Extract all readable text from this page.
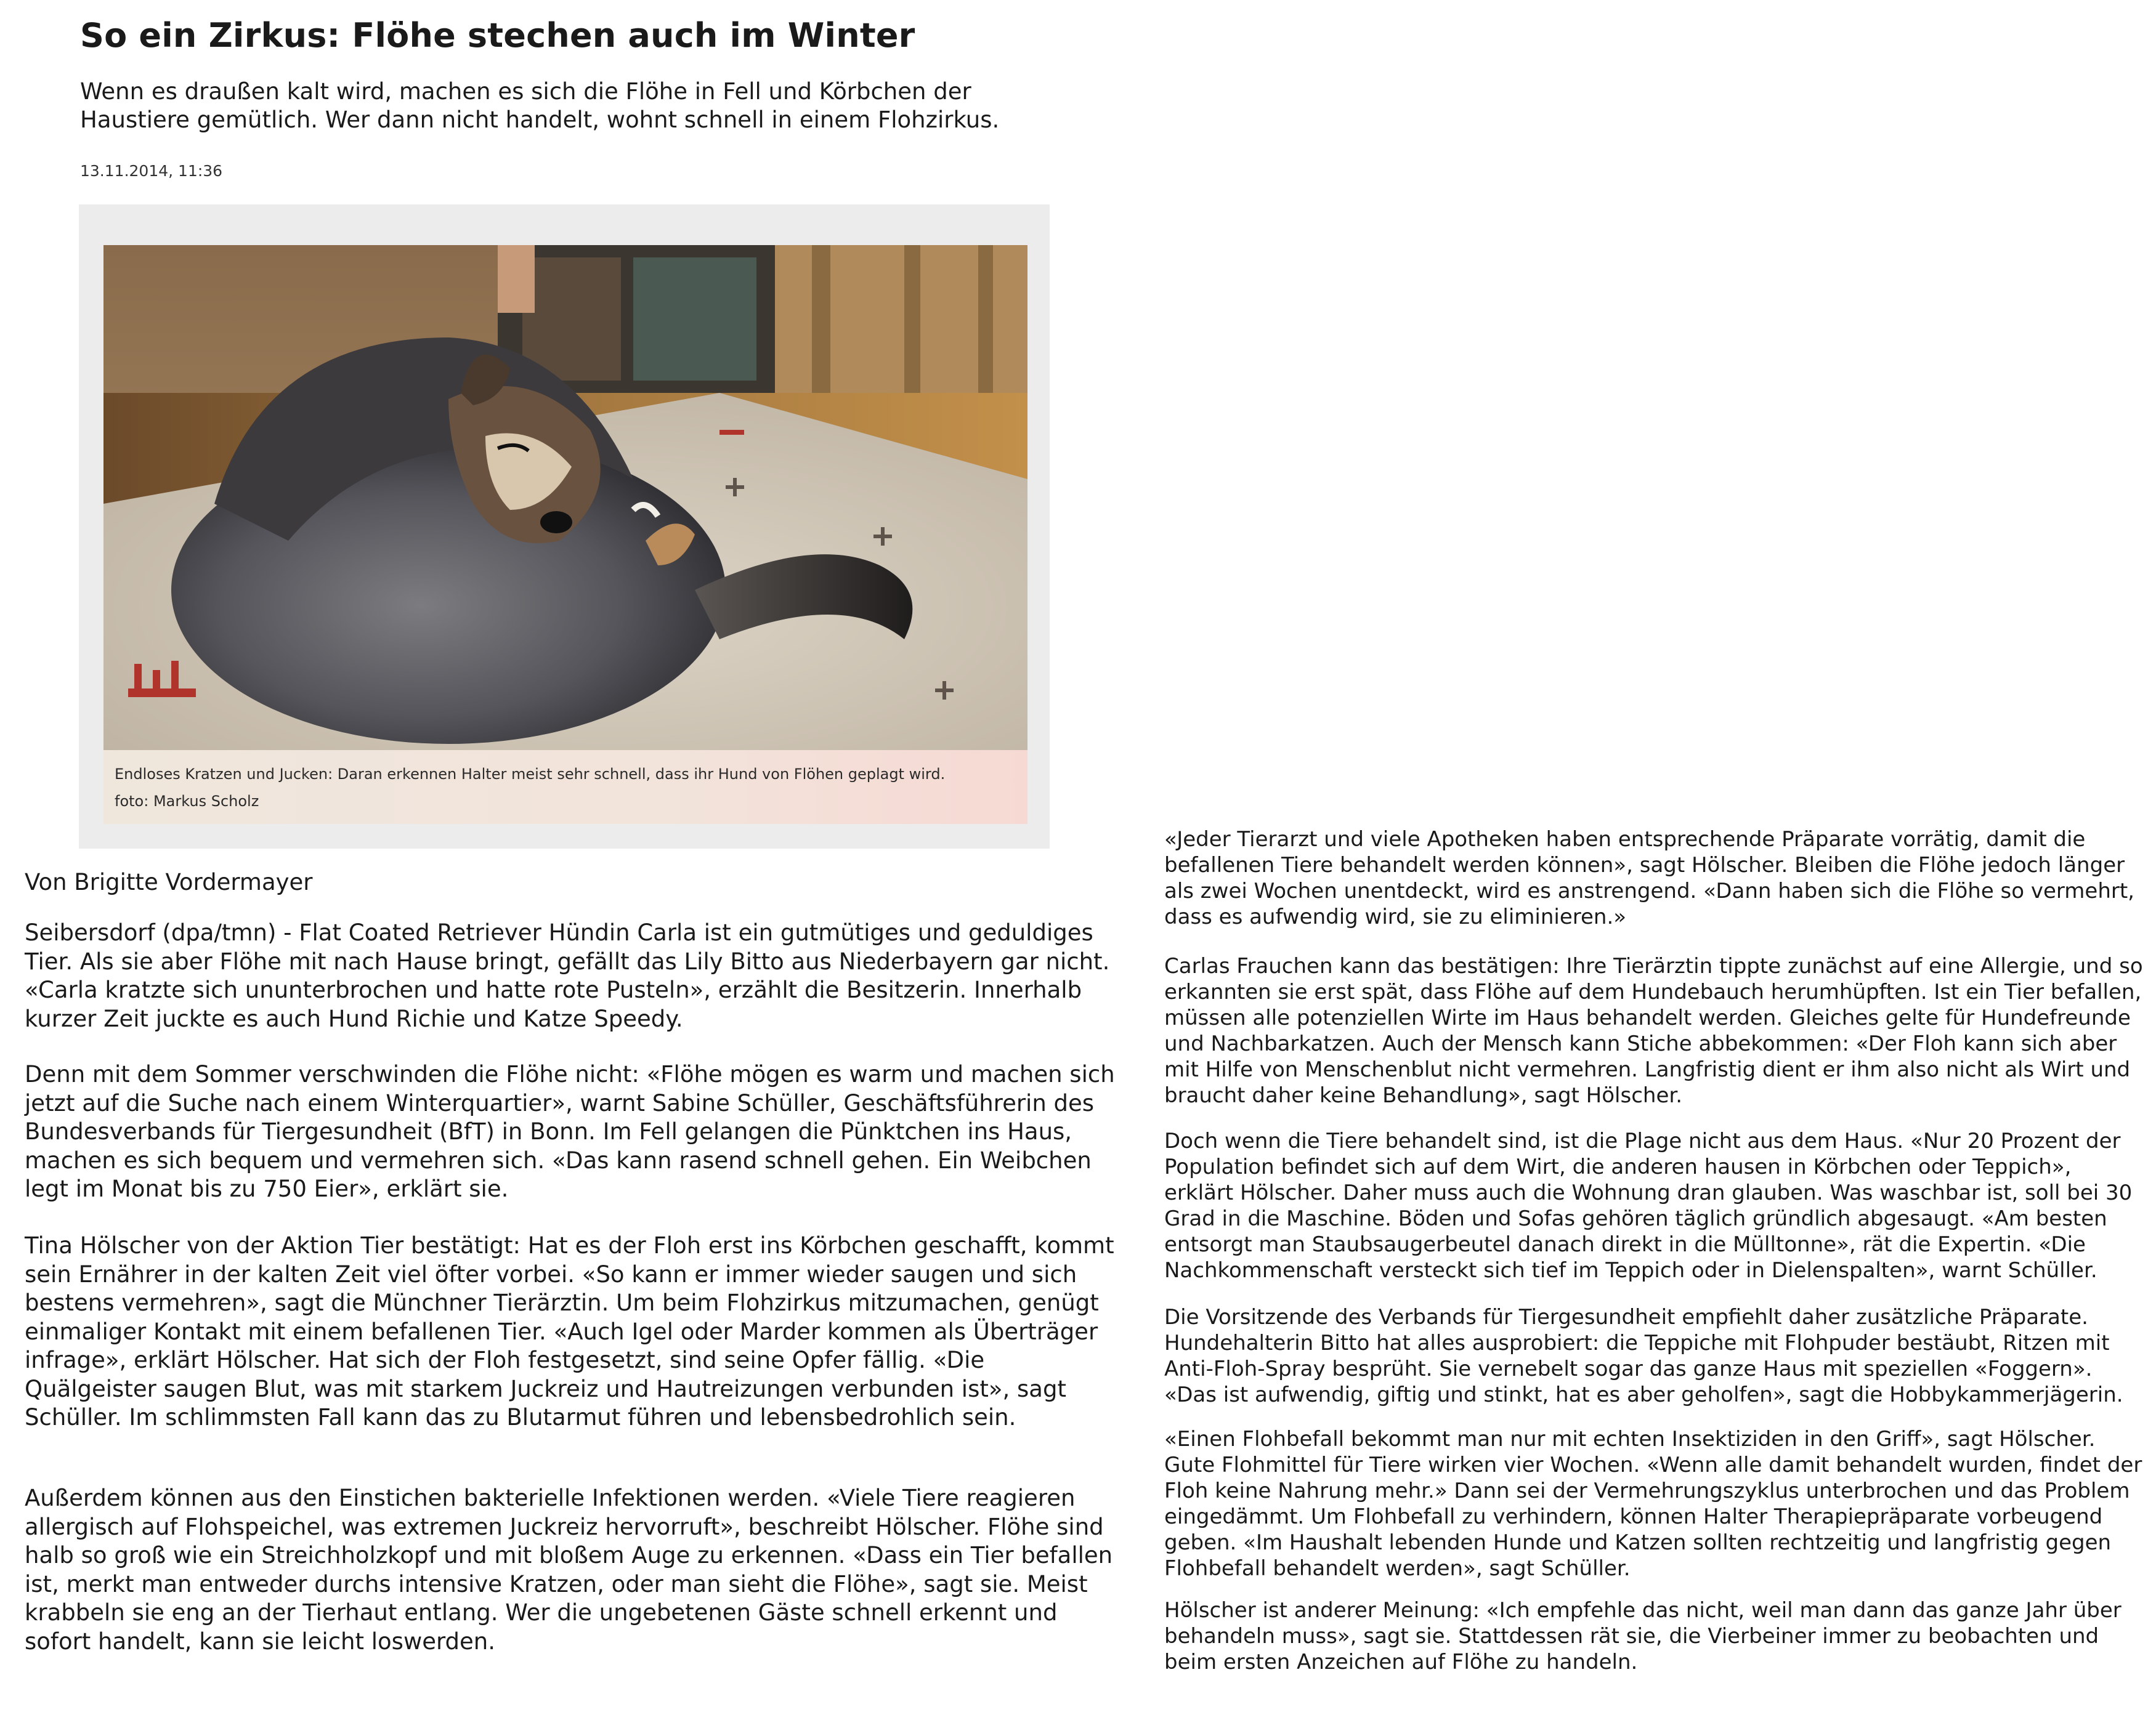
So ein Zirkus: Flöhe stechen auch im Winter

Wenn es draußen kalt wird, machen es sich die Flöhe in Fell und Körbchen der Haustiere gemütlich. Wer dann nicht handelt, wohnt schnell in einem Flohzirkus.

13.11.2014, 11:36

Endloses Kratzen und Jucken: Daran erkennen Halter meist sehr schnell, dass ihr Hund von Flöhen geplagt wird.

foto: Markus Scholz

Von Brigitte Vordermayer

Seibersdorf (dpa/tmn) - Flat Coated Retriever Hündin Carla ist ein gutmütiges und geduldiges Tier. Als sie aber Flöhe mit nach Hause bringt, gefällt das Lily Bitto aus Niederbayern gar nicht. «Carla kratzte sich ununterbrochen und hatte rote Pusteln», erzählt die Besitzerin. Innerhalb kurzer Zeit juckte es auch Hund Richie und Katze Speedy.

Denn mit dem Sommer verschwinden die Flöhe nicht: «Flöhe mögen es warm und machen sich jetzt auf die Suche nach einem Winterquartier», warnt Sabine Schüller, Geschäftsführerin des Bundesverbands für Tiergesundheit (BfT) in Bonn. Im Fell gelangen die Pünktchen ins Haus, machen es sich bequem und vermehren sich. «Das kann rasend schnell gehen. Ein Weibchen legt im Monat bis zu 750 Eier», erklärt sie.

Tina Hölscher von der Aktion Tier bestätigt: Hat es der Floh erst ins Körbchen geschafft, kommt sein Ernährer in der kalten Zeit viel öfter vorbei. «So kann er immer wieder saugen und sich bestens vermehren», sagt die Münchner Tierärztin. Um beim Flohzirkus mitzumachen, genügt einmaliger Kontakt mit einem befallenen Tier. «Auch Igel oder Marder kommen als Überträger infrage», erklärt Hölscher. Hat sich der Floh festgesetzt, sind seine Opfer fällig. «Die Quälgeister saugen Blut, was mit starkem Juckreiz und Hautreizungen verbunden ist», sagt Schüller. Im schlimmsten Fall kann das zu Blutarmut führen und lebensbedrohlich sein.

Außerdem können aus den Einstichen bakterielle Infektionen werden. «Viele Tiere reagieren allergisch auf Flohspeichel, was extremen Juckreiz hervorruft», beschreibt Hölscher. Flöhe sind halb so groß wie ein Streichholzkopf und mit bloßem Auge zu erkennen. «Dass ein Tier befallen ist, merkt man entweder durchs intensive Kratzen, oder man sieht die Flöhe», sagt sie. Meist krabbeln sie eng an der Tierhaut entlang. Wer die ungebetenen Gäste schnell erkennt und sofort handelt, kann sie leicht loswerden.

«Jeder Tierarzt und viele Apotheken haben entsprechende Präparate vorrätig, damit die befallenen Tiere behandelt werden können», sagt Hölscher. Bleiben die Flöhe jedoch länger als zwei Wochen unentdeckt, wird es anstrengend. «Dann haben sich die Flöhe so vermehrt, dass es aufwendig wird, sie zu eliminieren.»

Carlas Frauchen kann das bestätigen: Ihre Tierärztin tippte zunächst auf eine Allergie, und so erkannten sie erst spät, dass Flöhe auf dem Hundebauch herumhüpften. Ist ein Tier befallen, müssen alle potenziellen Wirte im Haus behandelt werden. Gleiches gelte für Hundefreunde und Nachbarkatzen. Auch der Mensch kann Stiche abbekommen: «Der Floh kann sich aber mit Hilfe von Menschenblut nicht vermehren. Langfristig dient er ihm also nicht als Wirt und braucht daher keine Behandlung», sagt Hölscher.

Doch wenn die Tiere behandelt sind, ist die Plage nicht aus dem Haus. «Nur 20 Prozent der Population befindet sich auf dem Wirt, die anderen hausen in Körbchen oder Teppich», erklärt Hölscher. Daher muss auch die Wohnung dran glauben. Was waschbar ist, soll bei 30 Grad in die Maschine. Böden und Sofas gehören täglich gründlich abgesaugt. «Am besten entsorgt man Staubsaugerbeutel danach direkt in die Mülltonne», rät die Expertin. «Die Nachkommenschaft versteckt sich tief im Teppich oder in Dielenspalten», warnt Schüller.

Die Vorsitzende des Verbands für Tiergesundheit empfiehlt daher zusätzliche Präparate. Hundehalterin Bitto hat alles ausprobiert: die Teppiche mit Flohpuder bestäubt, Ritzen mit Anti-Floh-Spray besprüht. Sie vernebelt sogar das ganze Haus mit speziellen «Foggern». «Das ist aufwendig, giftig und stinkt, hat es aber geholfen», sagt die Hobbykammerjägerin.

«Einen Flohbefall bekommt man nur mit echten Insektiziden in den Griff», sagt Hölscher. Gute Flohmittel für Tiere wirken vier Wochen. «Wenn alle damit behandelt wurden, findet der Floh keine Nahrung mehr.» Dann sei der Vermehrungszyklus unterbrochen und das Problem eingedämmt. Um Flohbefall zu verhindern, können Halter Therapiepräparate vorbeugend geben. «Im Haushalt lebenden Hunde und Katzen sollten rechtzeitig und langfristig gegen Flohbefall behandelt werden», sagt Schüller.

Hölscher ist anderer Meinung: «Ich empfehle das nicht, weil man dann das ganze Jahr über behandeln muss», sagt sie. Stattdessen rät sie, die Vierbeiner immer zu beobachten und beim ersten Anzeichen auf Flöhe zu handeln.
